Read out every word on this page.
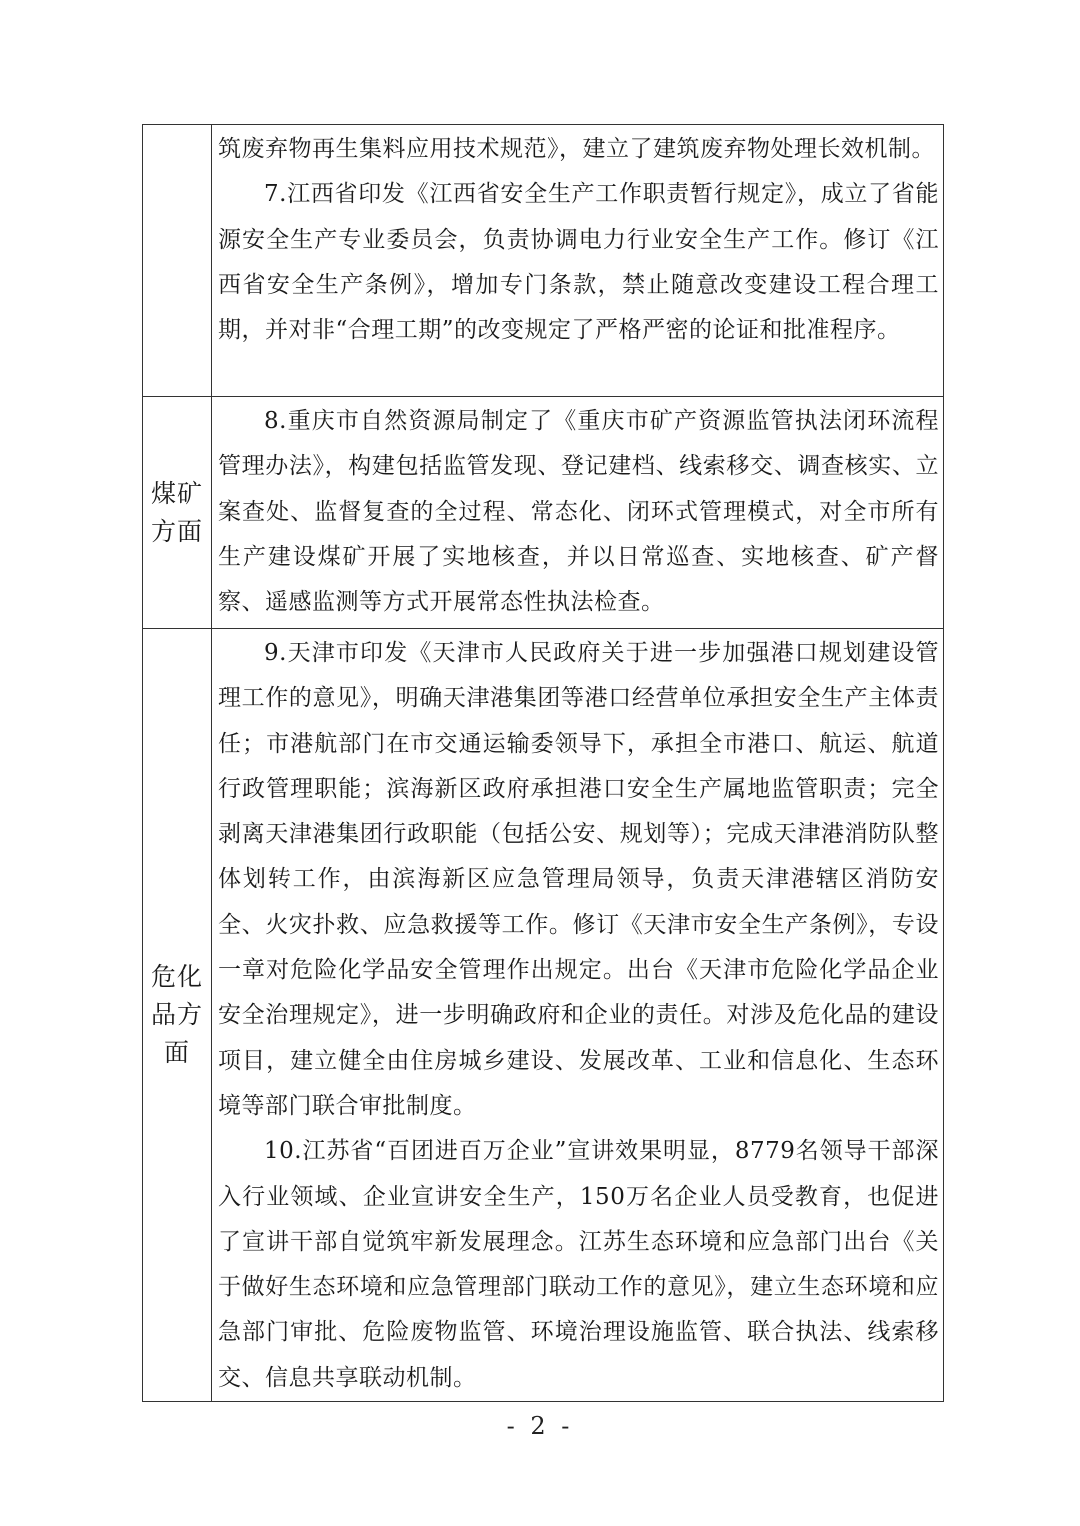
	筑废弃物再生集料应用技术规范》，建立了建筑废弃物处理长效机制。

7.江西省印发《江西省安全生产工作职责暂行规定》，成立了省能源安全生产专业委员会，负责协调电力行业安全生产工作。修订《江西省安全生产条例》，增加专门条款，禁止随意改变建设工程合理工期，并对非“合理工期”的改变规定了严格严密的论证和批准程序。

煤矿方面	8.重庆市自然资源局制定了《重庆市矿产资源监管执法闭环流程管理办法》，构建包括监管发现、登记建档、线索移交、调查核实、立案查处、监督复查的全过程、常态化、闭环式管理模式，对全市所有生产建设煤矿开展了实地核查，并以日常巡查、实地核查、矿产督察、遥感监测等方式开展常态性执法检查。

危化品方面	9.天津市印发《天津市人民政府关于进一步加强港口规划建设管理工作的意见》，明确天津港集团等港口经营单位承担安全生产主体责任；市港航部门在市交通运输委领导下，承担全市港口、航运、航道行政管理职能；滨海新区政府承担港口安全生产属地监管职责；完全剥离天津港集团行政职能（包括公安、规划等）；完成天津港消防队整体划转工作，由滨海新区应急管理局领导，负责天津港辖区消防安全、火灾扑救、应急救援等工作。修订《天津市安全生产条例》，专设一章对危险化学品安全管理作出规定。出台《天津市危险化学品企业安全治理规定》，进一步明确政府和企业的责任。对涉及危化品的建设项目，建立健全由住房城乡建设、发展改革、工业和信息化、生态环境等部门联合审批制度。

10.江苏省“百团进百万企业”宣讲效果明显，8779名领导干部深入行业领域、企业宣讲安全生产，150万名企业人员受教育，也促进了宣讲干部自觉筑牢新发展理念。江苏生态环境和应急部门出台《关于做好生态环境和应急管理部门联动工作的意见》，建立生态环境和应急部门审批、危险废物监管、环境治理设施监管、联合执法、线索移交、信息共享联动机制。

- 2 -
